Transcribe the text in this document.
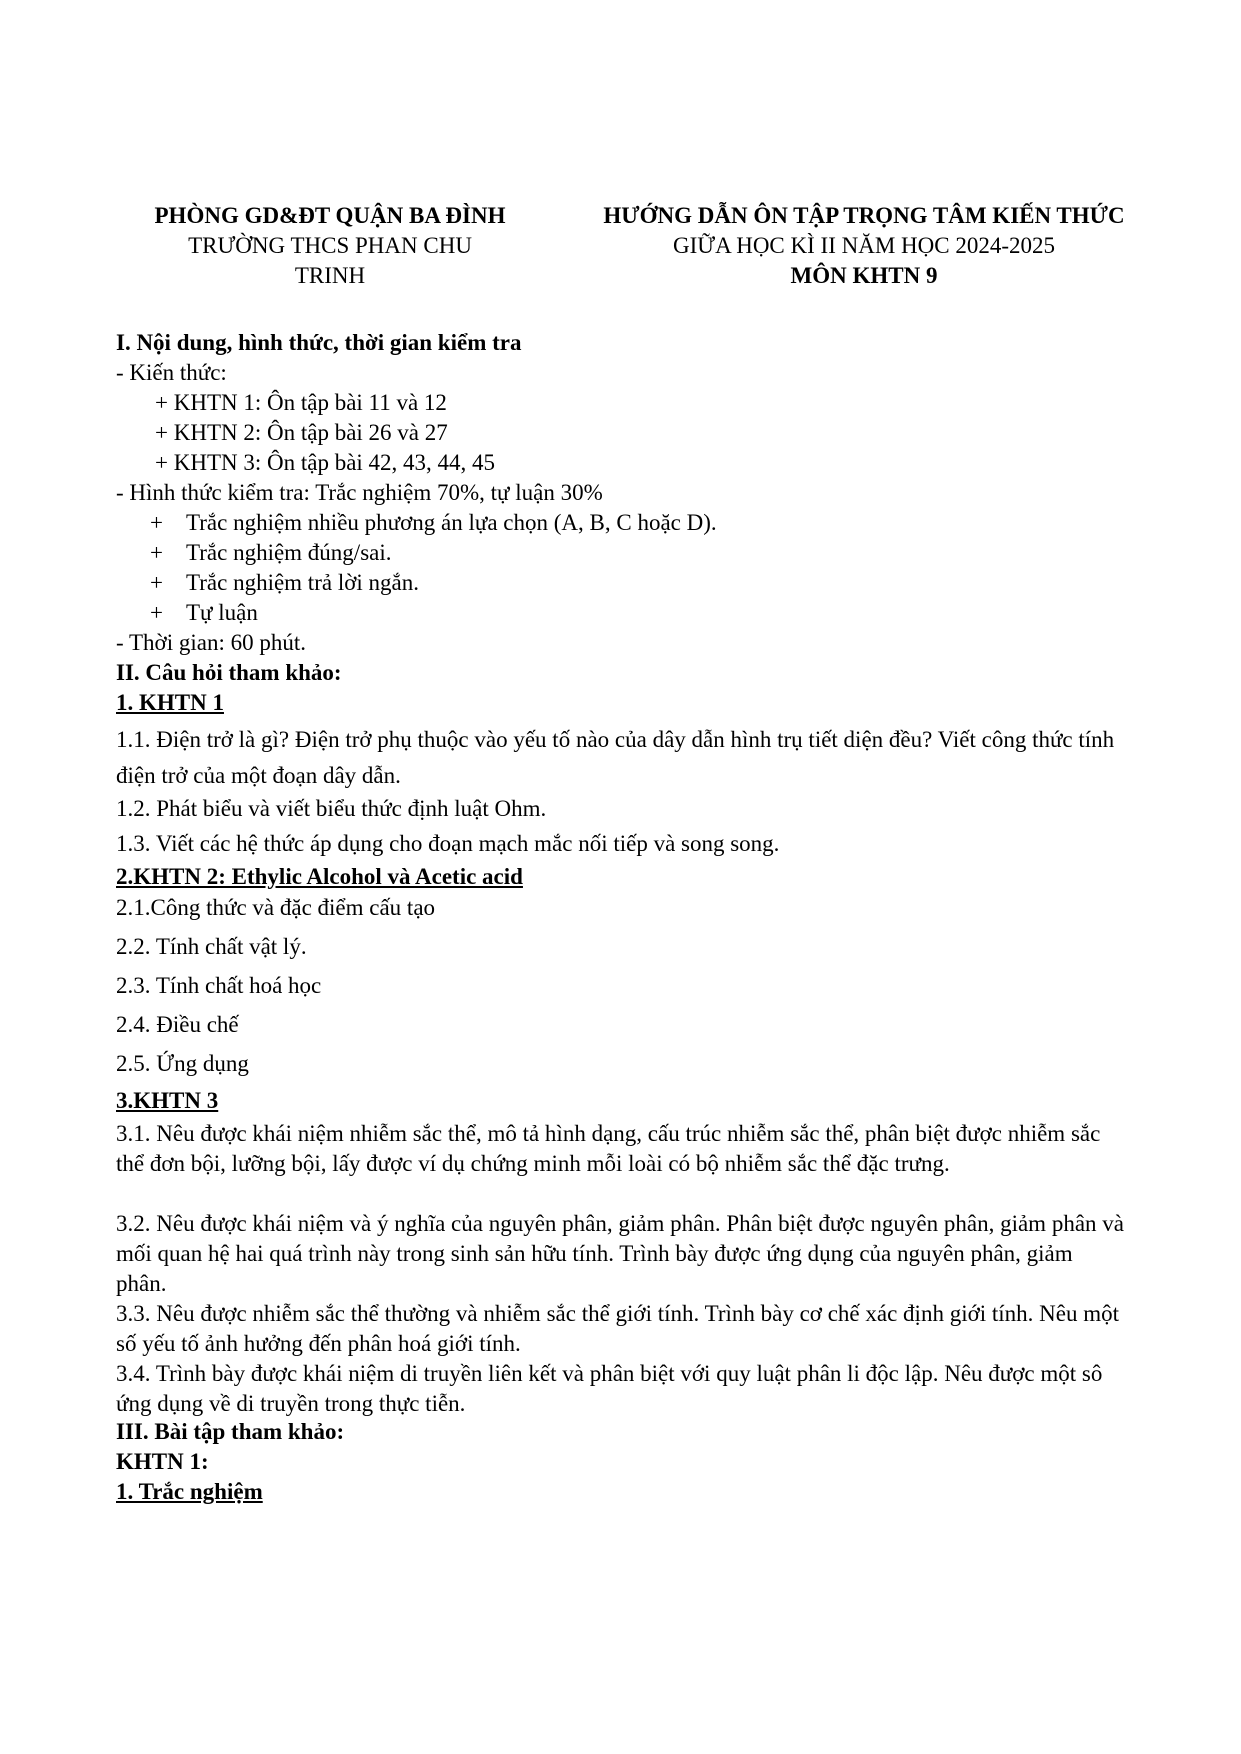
PHÒNG GD&ĐT QUẬN BA ĐÌNH
TRƯỜNG THCS PHAN CHU
TRINH
HƯỚNG DẪN ÔN TẬP TRỌNG TÂM KIẾN THỨC
GIỮA HỌC KÌ II NĂM HỌC 2024-2025
MÔN KHTN 9
I. Nội dung, hình thức, thời gian kiểm tra
- Kiến thức:
+ KHTN 1: Ôn tập bài 11 và 12
+ KHTN 2: Ôn tập bài 26 và 27
+ KHTN 3: Ôn tập bài 42, 43, 44, 45
- Hình thức kiểm tra: Trắc nghiệm 70%, tự luận 30%
+ Trắc nghiệm nhiều phương án lựa chọn (A, B, C hoặc D).
+ Trắc nghiệm đúng/sai.
+ Trắc nghiệm trả lời ngắn.
+ Tự luận
- Thời gian: 60 phút.
II. Câu hỏi tham khảo:
1. KHTN 1
1.1. Điện trở là gì? Điện trở phụ thuộc vào yếu tố nào của dây dẫn hình trụ tiết diện đều? Viết công thức tính điện trở của một đoạn dây dẫn.
1.2. Phát biểu và viết biểu thức định luật Ohm.
1.3. Viết các hệ thức áp dụng cho đoạn mạch mắc nối tiếp và song song.
2.KHTN 2: Ethylic Alcohol và Acetic acid
2.1.Công thức và đặc điểm cấu tạo
2.2. Tính chất vật lý.
2.3. Tính chất hoá học
2.4. Điều chế
2.5. Ứng dụng
3.KHTN 3
3.1. Nêu được khái niệm nhiễm sắc thể, mô tả hình dạng, cấu trúc nhiễm sắc thể, phân biệt được nhiễm sắc thể đơn bội, lưỡng bội, lấy được ví dụ chứng minh mỗi loài có bộ nhiễm sắc thể đặc trưng.
3.2. Nêu được khái niệm và ý nghĩa của nguyên phân, giảm phân. Phân biệt được nguyên phân, giảm phân và mối quan hệ hai quá trình này trong sinh sản hữu tính. Trình bày được ứng dụng của nguyên phân, giảm phân.
3.3. Nêu được nhiễm sắc thể thường và nhiễm sắc thể giới tính. Trình bày cơ chế xác định giới tính. Nêu một số yếu tố ảnh hưởng đến phân hoá giới tính.
3.4. Trình bày được khái niệm di truyền liên kết và phân biệt với quy luật phân li độc lập. Nêu được một sô ứng dụng về di truyền trong thực tiễn.
III. Bài tập tham khảo:
KHTN 1:
1. Trắc nghiệm
